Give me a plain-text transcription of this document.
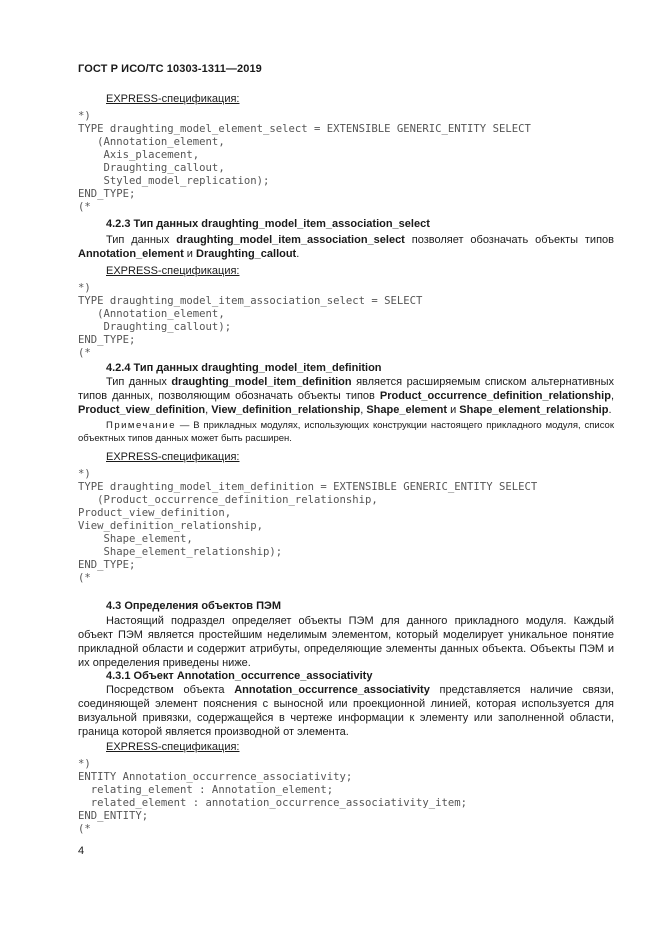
ГОСТ Р ИСО/ТС 10303-1311—2019
EXPRESS-спецификация:
*)
TYPE draughting_model_element_select = EXTENSIBLE GENERIC_ENTITY SELECT
(Annotation_element,
Axis_placement,
Draughting_callout,
Styled_model_replication);
END_TYPE;
(*
4.2.3 Тип данных draughting_model_item_association_select
Тип данных draughting_model_item_association_select позволяет обозначать объекты типов Annotation_element и Draughting_callout.
EXPRESS-спецификация:
*)
TYPE draughting_model_item_association_select = SELECT
(Annotation_element,
Draughting_callout);
END_TYPE;
(*
4.2.4 Тип данных draughting_model_item_definition
Тип данных draughting_model_item_definition является расширяемым списком альтернативных типов данных, позволяющим обозначать объекты типов Product_occurrence_definition_relationship, Product_view_definition, View_definition_relationship, Shape_element и Shape_element_relationship.
Примечание — В прикладных модулях, использующих конструкции настоящего прикладного модуля, список объектных типов данных может быть расширен.
EXPRESS-спецификация:
*)
TYPE draughting_model_item_definition = EXTENSIBLE GENERIC_ENTITY SELECT
(Product_occurrence_definition_relationship,
Product_view_definition,
View_definition_relationship,
Shape_element,
Shape_element_relationship);
END_TYPE;
(*
4.3 Определения объектов ПЭМ
Настоящий подраздел определяет объекты ПЭМ для данного прикладного модуля. Каждый объект ПЭМ является простейшим неделимым элементом, который моделирует уникальное понятие прикладной области и содержит атрибуты, определяющие элементы данных объекта. Объекты ПЭМ и их определения приведены ниже.
4.3.1 Объект Annotation_occurrence_associativity
Посредством объекта Annotation_occurrence_associativity представляется наличие связи, соединяющей элемент пояснения с выносной или проекционной линией, которая используется для визуальной привязки, содержащейся в чертеже информации к элементу или заполненной области, граница которой является производной от элемента.
EXPRESS-спецификация:
*)
ENTITY Annotation_occurrence_associativity;
relating_element : Annotation_element;
related_element : annotation_occurrence_associativity_item;
END_ENTITY;
(*
4
